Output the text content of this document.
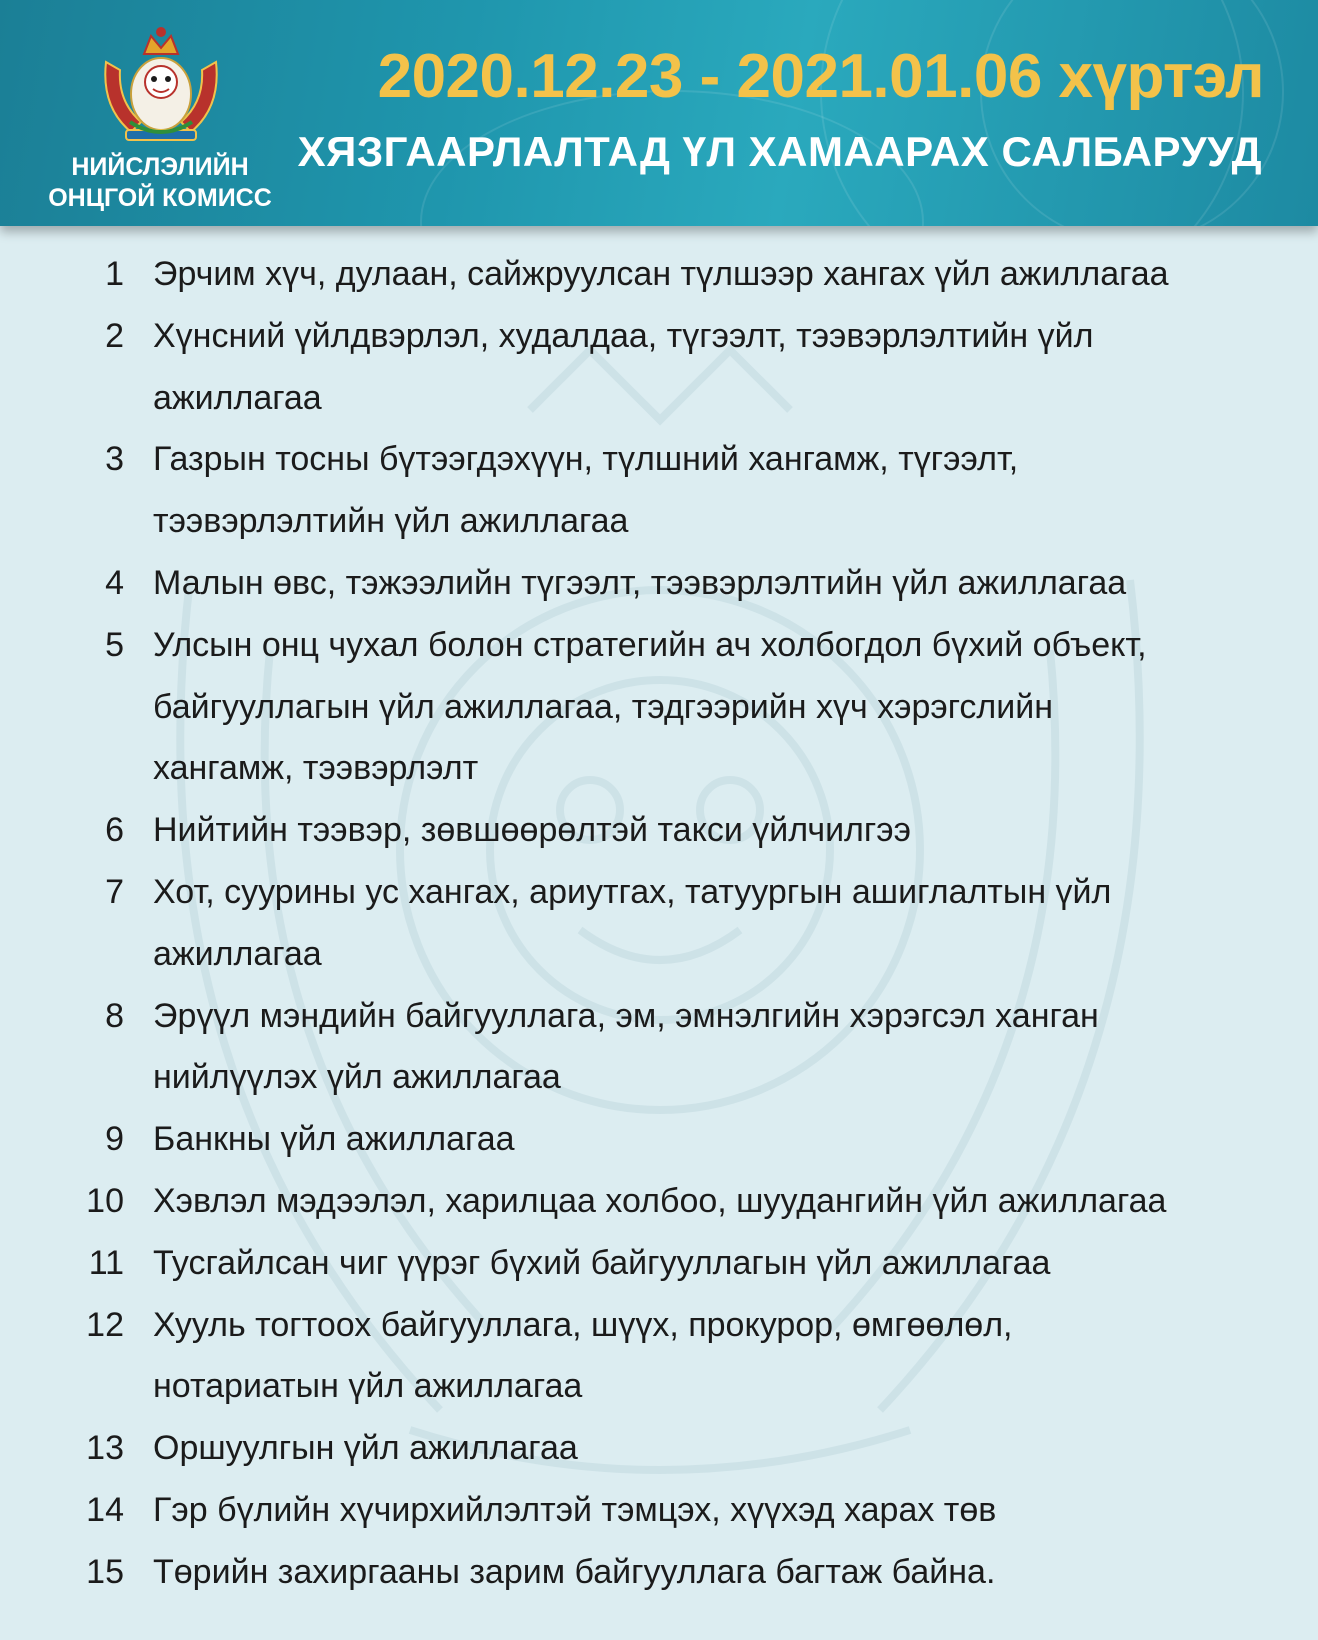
НИЙСЛЭЛИЙН
ОНЦГОЙ КОМИСС
2020.12.23 - 2021.01.06 хүртэл
ХЯЗГААРЛАЛТАД ҮЛ ХАМААРАХ САЛБАРУУД
1 Эрчим хүч, дулаан, сайжруулсан түлшээр хангах үйл ажиллагаа
2 Хүнсний үйлдвэрлэл, худалдаа, түгээлт, тээвэрлэлтийн үйл
ажиллагаа
3 Газрын тосны бүтээгдэхүүн, түлшний хангамж, түгээлт,
тээвэрлэлтийн үйл ажиллагаа
4 Малын өвс, тэжээлийн түгээлт, тээвэрлэлтийн үйл ажиллагаа
5 Улсын онц чухал болон стратегийн ач холбогдол бүхий объект,
байгууллагын үйл ажиллагаа, тэдгээрийн хүч хэрэгслийн
хангамж, тээвэрлэлт
6 Нийтийн тээвэр, зөвшөөрөлтэй такси үйлчилгээ
7 Хот, суурины ус хангах, ариутгах, татуургын ашиглалтын үйл
ажиллагаа
8 Эрүүл мэндийн байгууллага, эм, эмнэлгийн хэрэгсэл ханган
нийлүүлэх үйл ажиллагаа
9 Банкны үйл ажиллагаа
10 Хэвлэл мэдээлэл, харилцаа холбоо, шуудангийн үйл ажиллагаа
11 Тусгайлсан чиг үүрэг бүхий байгууллагын үйл ажиллагаа
12 Хууль тогтоох байгууллага, шүүх, прокурор, өмгөөлөл,
нотариатын үйл ажиллагаа
13 Оршуулгын үйл ажиллагаа
14 Гэр бүлийн хүчирхийлэлтэй тэмцэх, хүүхэд харах төв
15 Төрийн захиргааны зарим байгууллага багтаж байна.
